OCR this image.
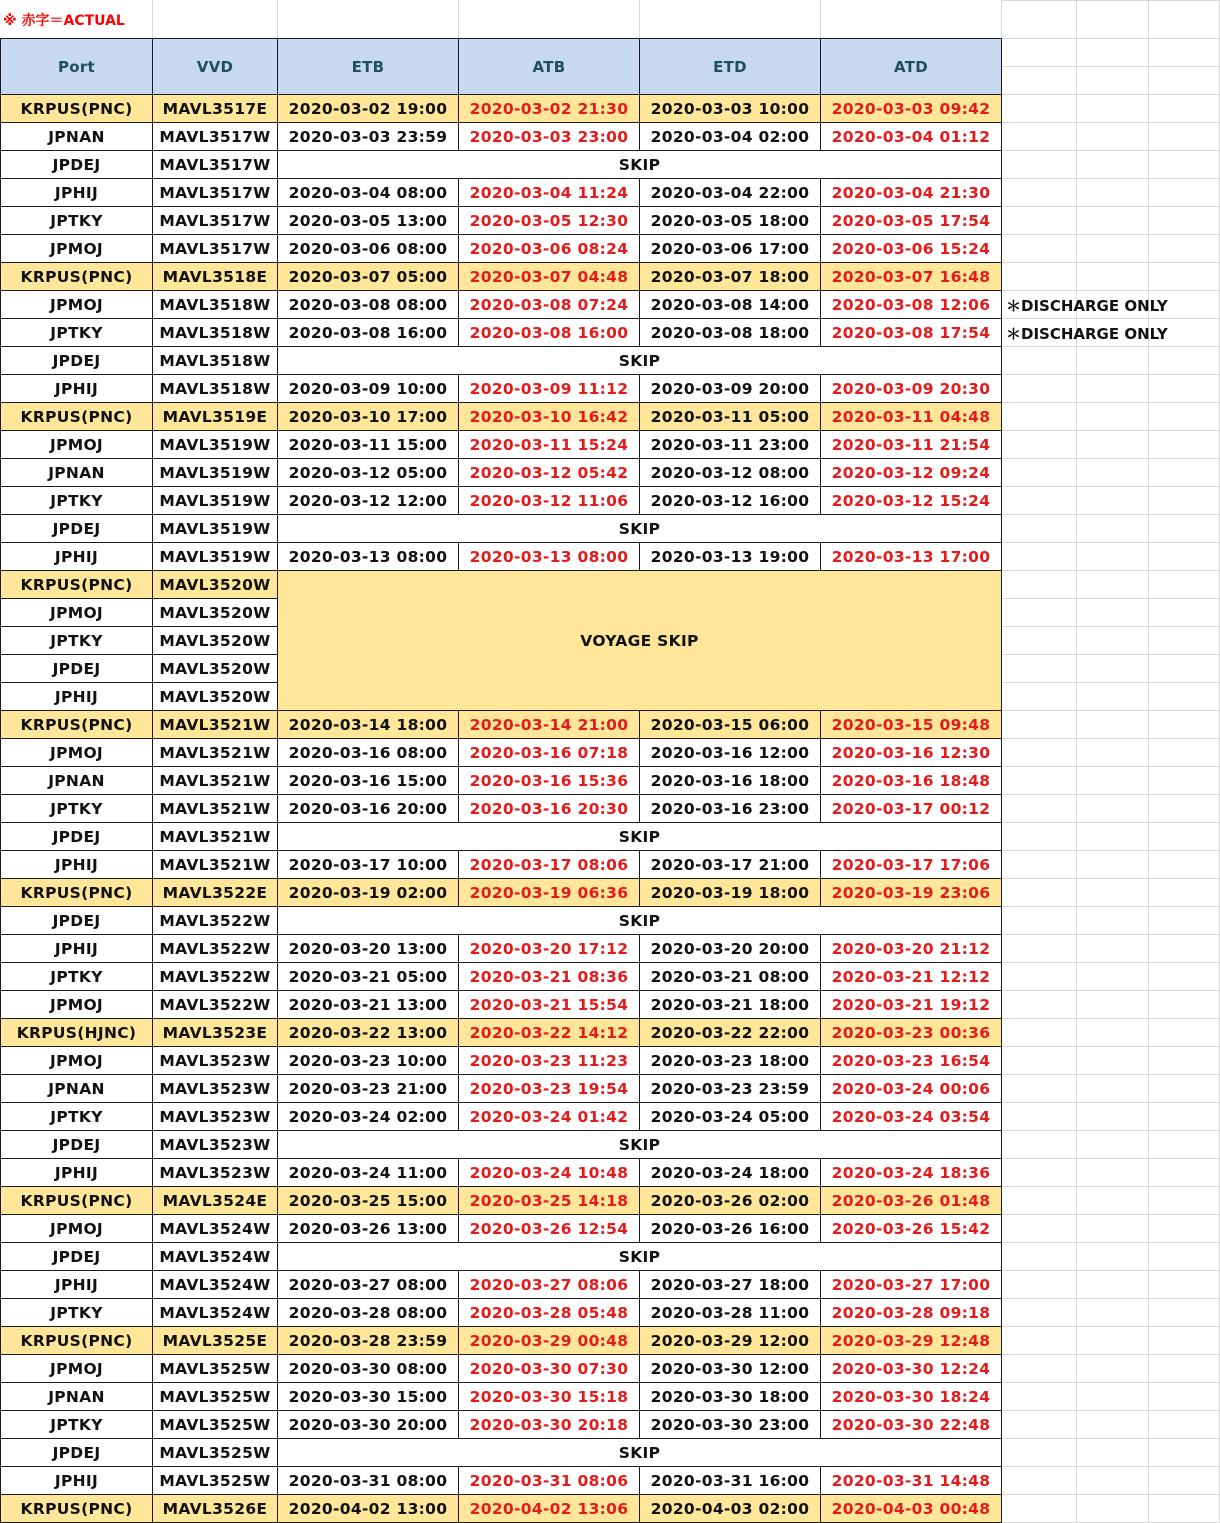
※ 赤字＝ACTUAL
Port	VVD	ETB	ATB	ETD	ATD
KRPUS(PNC)	MAVL3517E	2020-03-02 19:00	2020-03-02 21:30	2020-03-03 10:00	2020-03-03 09:42
JPNAN	MAVL3517W	2020-03-03 23:59	2020-03-03 23:00	2020-03-04 02:00	2020-03-04 01:12
JPDEJ	MAVL3517W	SKIP			
JPHIJ	MAVL3517W	2020-03-04 08:00	2020-03-04 11:24	2020-03-04 22:00	2020-03-04 21:30
JPTKY	MAVL3517W	2020-03-05 13:00	2020-03-05 12:30	2020-03-05 18:00	2020-03-05 17:54
JPMOJ	MAVL3517W	2020-03-06 08:00	2020-03-06 08:24	2020-03-06 17:00	2020-03-06 15:24
KRPUS(PNC)	MAVL3518E	2020-03-07 05:00	2020-03-07 04:48	2020-03-07 18:00	2020-03-07 16:48
JPMOJ	MAVL3518W	2020-03-08 08:00	2020-03-08 07:24	2020-03-08 14:00	2020-03-08 12:06
JPTKY	MAVL3518W	2020-03-08 16:00	2020-03-08 16:00	2020-03-08 18:00	2020-03-08 17:54
JPDEJ	MAVL3518W	SKIP			
JPHIJ	MAVL3518W	2020-03-09 10:00	2020-03-09 11:12	2020-03-09 20:00	2020-03-09 20:30
KRPUS(PNC)	MAVL3519E	2020-03-10 17:00	2020-03-10 16:42	2020-03-11 05:00	2020-03-11 04:48
JPMOJ	MAVL3519W	2020-03-11 15:00	2020-03-11 15:24	2020-03-11 23:00	2020-03-11 21:54
JPNAN	MAVL3519W	2020-03-12 05:00	2020-03-12 05:42	2020-03-12 08:00	2020-03-12 09:24
JPTKY	MAVL3519W	2020-03-12 12:00	2020-03-12 11:06	2020-03-12 16:00	2020-03-12 15:24
JPDEJ	MAVL3519W	SKIP			
JPHIJ	MAVL3519W	2020-03-13 08:00	2020-03-13 08:00	2020-03-13 19:00	2020-03-13 17:00
KRPUS(PNC)	MAVL3520W	VOYAGE SKIP			
JPMOJ	MAVL3520W				
JPTKY	MAVL3520W				
JPDEJ	MAVL3520W				
JPHIJ	MAVL3520W				
KRPUS(PNC)	MAVL3521W	2020-03-14 18:00	2020-03-14 21:00	2020-03-15 06:00	2020-03-15 09:48
JPMOJ	MAVL3521W	2020-03-16 08:00	2020-03-16 07:18	2020-03-16 12:00	2020-03-16 12:30
JPNAN	MAVL3521W	2020-03-16 15:00	2020-03-16 15:36	2020-03-16 18:00	2020-03-16 18:48
JPTKY	MAVL3521W	2020-03-16 20:00	2020-03-16 20:30	2020-03-16 23:00	2020-03-17 00:12
JPDEJ	MAVL3521W	SKIP			
JPHIJ	MAVL3521W	2020-03-17 10:00	2020-03-17 08:06	2020-03-17 21:00	2020-03-17 17:06
KRPUS(PNC)	MAVL3522E	2020-03-19 02:00	2020-03-19 06:36	2020-03-19 18:00	2020-03-19 23:06
JPDEJ	MAVL3522W	SKIP			
JPHIJ	MAVL3522W	2020-03-20 13:00	2020-03-20 17:12	2020-03-20 20:00	2020-03-20 21:12
JPTKY	MAVL3522W	2020-03-21 05:00	2020-03-21 08:36	2020-03-21 08:00	2020-03-21 12:12
JPMOJ	MAVL3522W	2020-03-21 13:00	2020-03-21 15:54	2020-03-21 18:00	2020-03-21 19:12
KRPUS(HJNC)	MAVL3523E	2020-03-22 13:00	2020-03-22 14:12	2020-03-22 22:00	2020-03-23 00:36
JPMOJ	MAVL3523W	2020-03-23 10:00	2020-03-23 11:23	2020-03-23 18:00	2020-03-23 16:54
JPNAN	MAVL3523W	2020-03-23 21:00	2020-03-23 19:54	2020-03-23 23:59	2020-03-24 00:06
JPTKY	MAVL3523W	2020-03-24 02:00	2020-03-24 01:42	2020-03-24 05:00	2020-03-24 03:54
JPDEJ	MAVL3523W	SKIP			
JPHIJ	MAVL3523W	2020-03-24 11:00	2020-03-24 10:48	2020-03-24 18:00	2020-03-24 18:36
KRPUS(PNC)	MAVL3524E	2020-03-25 15:00	2020-03-25 14:18	2020-03-26 02:00	2020-03-26 01:48
JPMOJ	MAVL3524W	2020-03-26 13:00	2020-03-26 12:54	2020-03-26 16:00	2020-03-26 15:42
JPDEJ	MAVL3524W	SKIP			
JPHIJ	MAVL3524W	2020-03-27 08:00	2020-03-27 08:06	2020-03-27 18:00	2020-03-27 17:00
JPTKY	MAVL3524W	2020-03-28 08:00	2020-03-28 05:48	2020-03-28 11:00	2020-03-28 09:18
KRPUS(PNC)	MAVL3525E	2020-03-28 23:59	2020-03-29 00:48	2020-03-29 12:00	2020-03-29 12:48
JPMOJ	MAVL3525W	2020-03-30 08:00	2020-03-30 07:30	2020-03-30 12:00	2020-03-30 12:24
JPNAN	MAVL3525W	2020-03-30 15:00	2020-03-30 15:18	2020-03-30 18:00	2020-03-30 18:24
JPTKY	MAVL3525W	2020-03-30 20:00	2020-03-30 20:18	2020-03-30 23:00	2020-03-30 22:48
JPDEJ	MAVL3525W	SKIP			
JPHIJ	MAVL3525W	2020-03-31 08:00	2020-03-31 08:06	2020-03-31 16:00	2020-03-31 14:48
KRPUS(PNC)	MAVL3526E	2020-04-02 13:00	2020-04-02 13:06	2020-04-03 02:00	2020-04-03 00:48
＊DISCHARGE ONLY
＊DISCHARGE ONLY
